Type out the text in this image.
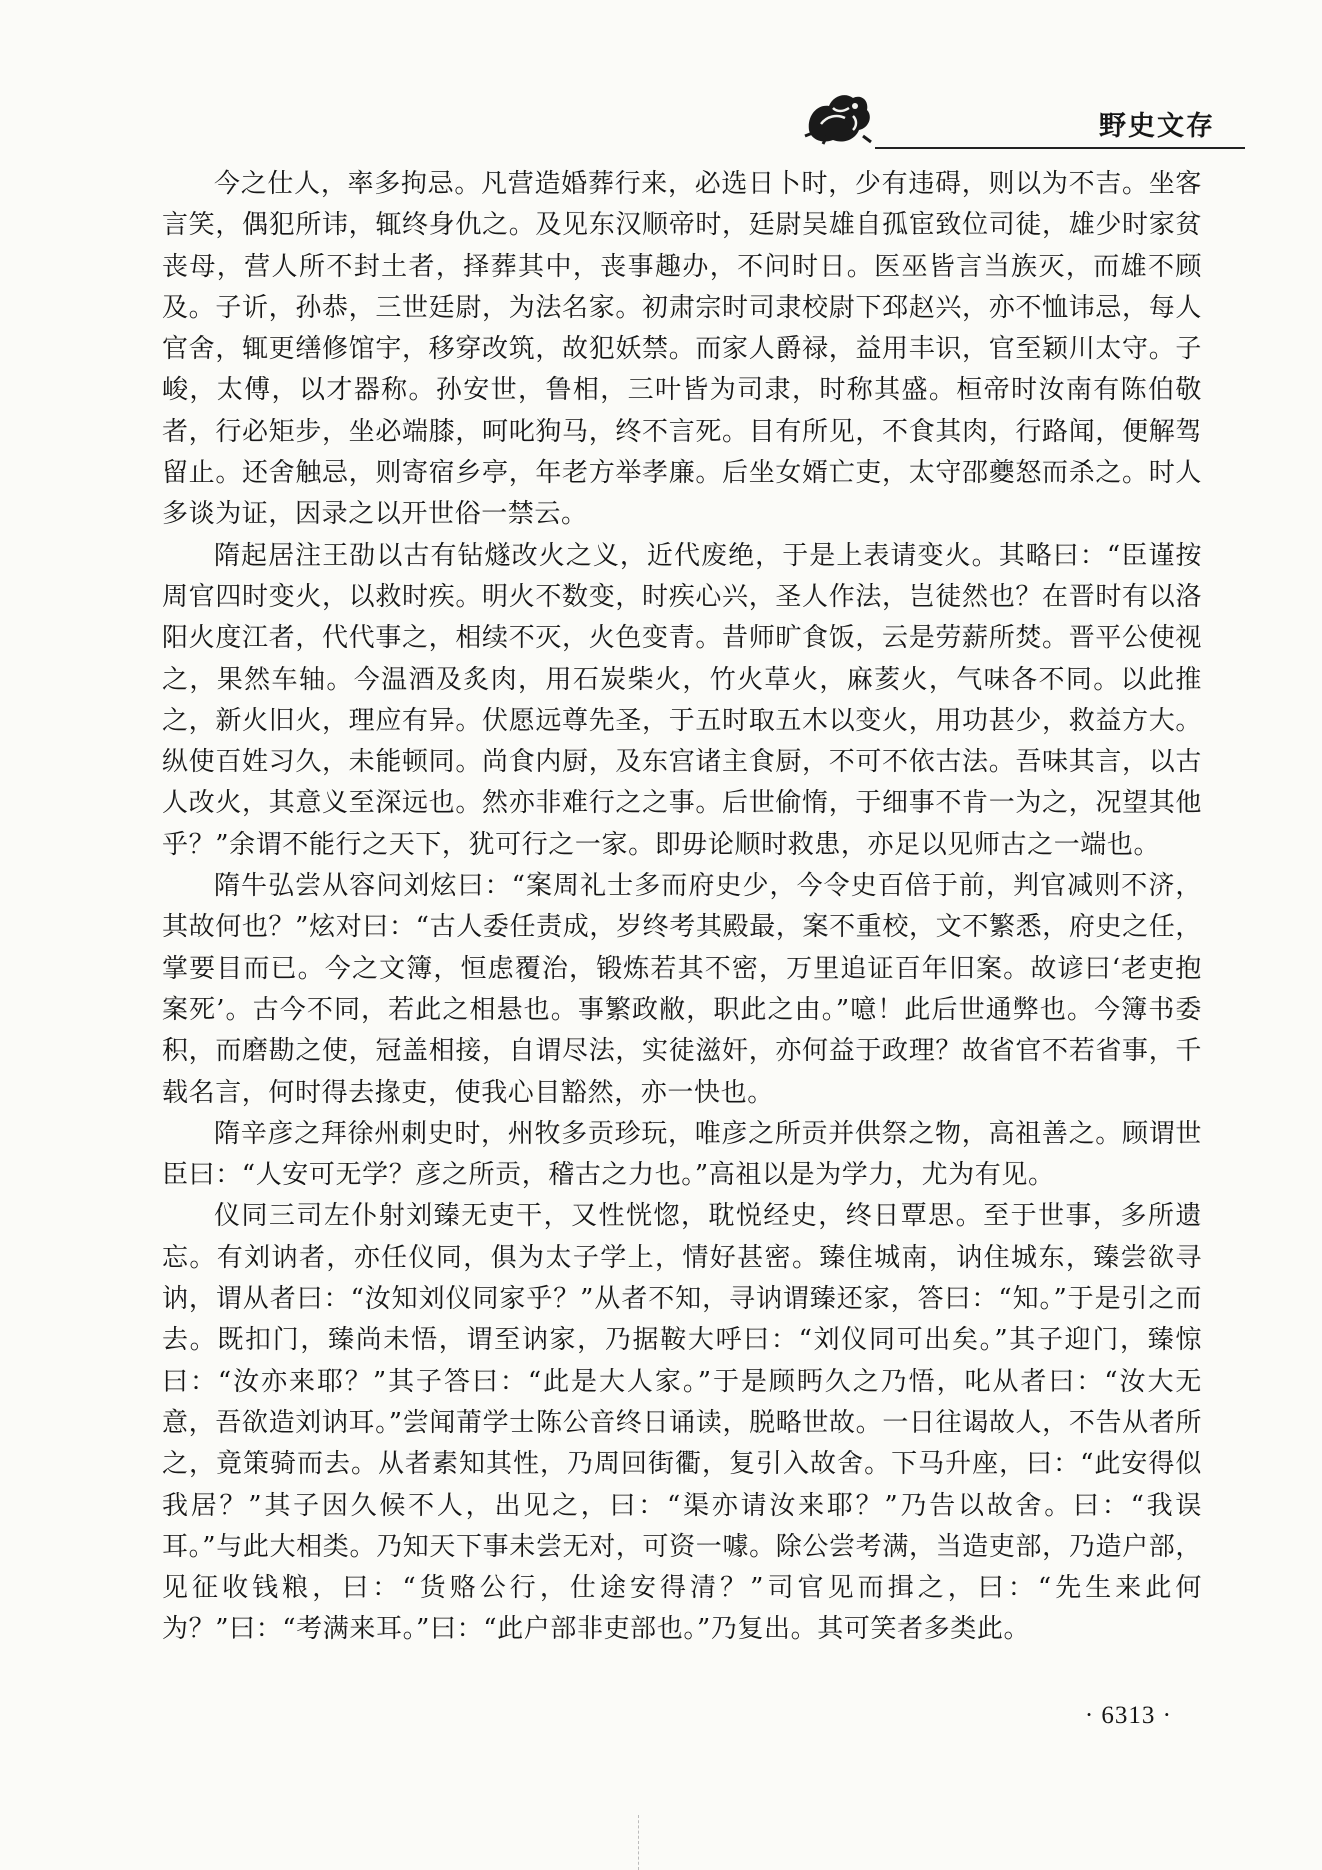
野史文存

今之仕人，率多拘忌。凡营造婚葬行来，必选日卜时，少有违碍，则以为不吉。坐客言笑，偶犯所讳，辄终身仇之。及见东汉顺帝时，廷尉吴雄自孤宦致位司徒，雄少时家贫丧母，营人所不封土者，择葬其中，丧事趣办，不问时日。医巫皆言当族灭，而雄不顾及。子䜣，孙恭，三世廷尉，为法名家。初肃宗时司隶校尉下邳赵兴，亦不恤讳忌，每人官舍，辄更缮修馆宇，移穿改筑，故犯妖禁。而家人爵禄，益用丰识，官至颖川太守。子峻，太傅，以才器称。孙安世，鲁相，三叶皆为司隶，时称其盛。桓帝时汝南有陈伯敬者，行必矩步，坐必端膝，呵叱狗马，终不言死。目有所见，不食其肉，行路闻，便解驾留止。还舍触忌，则寄宿乡亭，年老方举孝廉。后坐女婿亡吏，太守邵夔怒而杀之。时人多谈为证，因录之以开世俗一禁云。

隋起居注王劭以古有钻燧改火之义，近代废绝，于是上表请变火。其略曰：“臣谨按周官四时变火，以救时疾。明火不数变，时疾心兴，圣人作法，岂徒然也？在晋时有以洛阳火度江者，代代事之，相续不灭，火色变青。昔师旷食饭，云是劳薪所焚。晋平公使视之，果然车轴。今温酒及炙肉，用石炭柴火，竹火草火，麻荄火，气味各不同。以此推之，新火旧火，理应有异。伏愿远尊先圣，于五时取五木以变火，用功甚少，救益方大。纵使百姓习久，未能顿同。尚食内厨，及东宫诸主食厨，不可不依古法。吾味其言，以古人改火，其意义至深远也。然亦非难行之之事。后世偷惰，于细事不肯一为之，况望其他乎？”余谓不能行之天下，犹可行之一家。即毋论顺时救患，亦足以见师古之一端也。

隋牛弘尝从容问刘炫曰：“案周礼士多而府史少，今令史百倍于前，判官减则不济，其故何也？”炫对曰：“古人委任责成，岁终考其殿最，案不重校，文不繁悉，府史之任，掌要目而已。今之文簿，恒虑覆治，锻炼若其不密，万里追证百年旧案。故谚曰‘老吏抱案死’。古今不同，若此之相悬也。事繁政敝，职此之由。”噫！此后世通弊也。今簿书委积，而磨勘之使，冠盖相接，自谓尽法，实徒滋奸，亦何益于政理？故省官不若省事，千载名言，何时得去掾吏，使我心目豁然，亦一快也。

隋辛彦之拜徐州刺史时，州牧多贡珍玩，唯彦之所贡并供祭之物，高祖善之。顾谓世臣曰：“人安可无学？彦之所贡，稽古之力也。”高祖以是为学力，尤为有见。

仪同三司左仆射刘臻无吏干，又性恍惚，耽悦经史，终日覃思。至于世事，多所遗忘。有刘讷者，亦任仪同，俱为太子学上，情好甚密。臻住城南，讷住城东，臻尝欲寻讷，谓从者曰：“汝知刘仪同家乎？”从者不知，寻讷谓臻还家，答曰：“知。”于是引之而去。既扣门，臻尚未悟，谓至讷家，乃据鞍大呼曰：“刘仪同可出矣。”其子迎门，臻惊曰：“汝亦来耶？”其子答曰：“此是大人家。”于是顾眄久之乃悟，叱从者曰：“汝大无意，吾欲造刘讷耳。”尝闻莆学士陈公音终日诵读，脱略世故。一日往谒故人，不告从者所之，竟策骑而去。从者素知其性，乃周回街衢，复引入故舍。下马升座，曰：“此安得似我居？”其子因久候不人，出见之，曰：“渠亦请汝来耶？”乃告以故舍。曰：“我误耳。”与此大相类。乃知天下事未尝无对，可资一噱。除公尝考满，当造吏部，乃造户部，见征收钱粮，曰：“货赂公行，仕途安得清？”司官见而揖之，曰：“先生来此何为？”曰：“考满来耳。”曰：“此户部非吏部也。”乃复出。其可笑者多类此。

· 6313 ·
